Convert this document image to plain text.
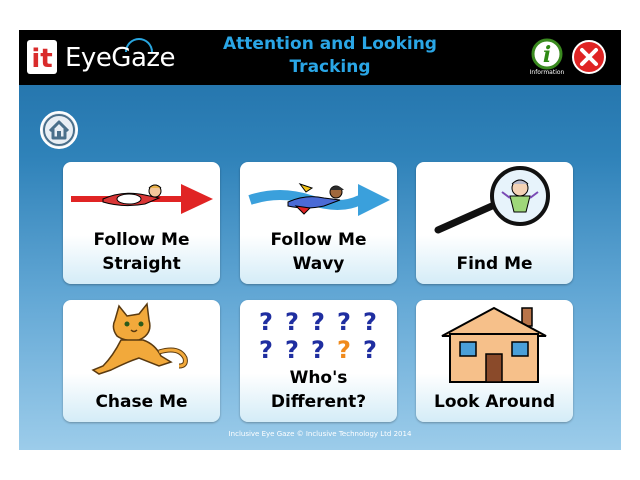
it EyeGaze	Attention and Looking
Tracking	i
Information
Follow Me
Straight
Follow Me
Wavy	Find Me
Chase Me
? ? ? ? ?
? ? ? ? ?
Who's
Different?	Look Around
Inclusive Eye Gaze © Inclusive Technology Ltd 2014
